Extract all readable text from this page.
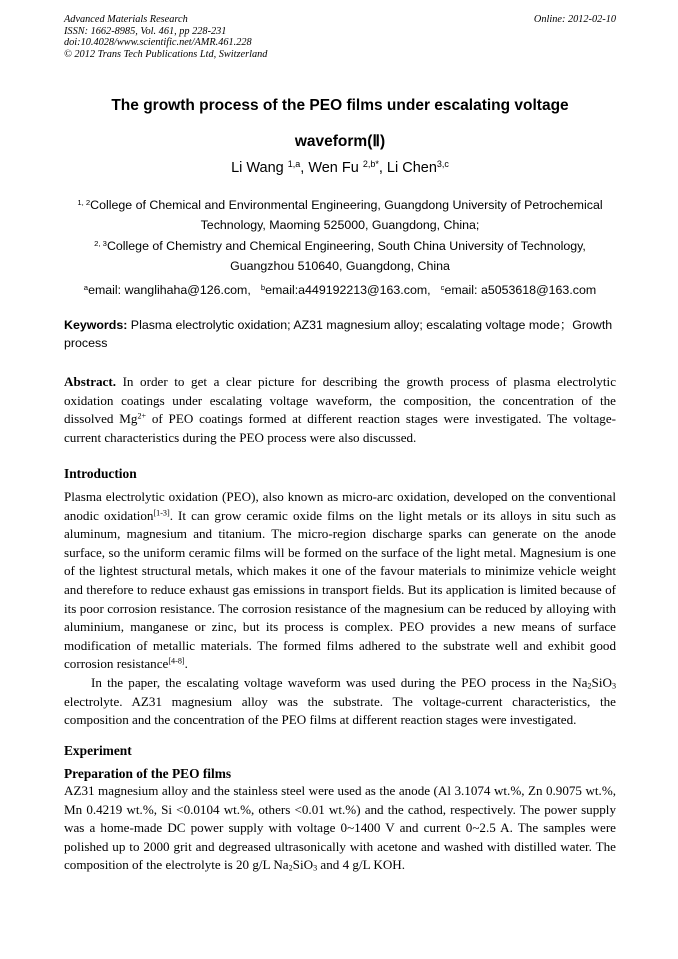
Advanced Materials Research
ISSN: 1662-8985, Vol. 461, pp 228-231
doi:10.4028/www.scientific.net/AMR.461.228
© 2012 Trans Tech Publications Ltd, Switzerland
Online: 2012-02-10
The growth process of the PEO films under escalating voltage
waveform(Ⅱ)
Li Wang $^{1,a}$, Wen Fu $^{2,b*}$, Li Chen$^{3,c}$
$^{1, 2}$College of Chemical and Environmental Engineering, Guangdong University of Petrochemical
Technology, Maoming 525000, Guangdong, China;
$^{2, 3}$College of Chemistry and Chemical Engineering, South China University of Technology,
Guangzhou 510640, Guangdong, China
$^a$email: wanglihaha@126.com, $^b$email:a449192213@163.com, $^c$email: a5053618@163.com
Keywords: Plasma electrolytic oxidation; AZ31 magnesium alloy; escalating voltage mode；Growth process
Abstract. In order to get a clear picture for describing the growth process of plasma electrolytic oxidation coatings under escalating voltage waveform, the composition, the concentration of the dissolved $Mg^{2+}$ of PEO coatings formed at different reaction stages were investigated. The voltage-current characteristics during the PEO process were also discussed.
Introduction

Plasma electrolytic oxidation (PEO), also known as micro-arc oxidation, developed on the conventional anodic oxidation[1-3]. It can grow ceramic oxide films on the light metals or its alloys in situ such as aluminum, magnesium and titanium. The micro-region discharge sparks can generate on the anode surface, so the uniform ceramic films will be formed on the surface of the light metal. Magnesium is one of the lightest structural metals, which makes it one of the favour materials to minimize vehicle weight and therefore to reduce exhaust gas emissions in transport fields. But its application is limited because of its poor corrosion resistance. The corrosion resistance of the magnesium can be reduced by alloying with aluminium, manganese or zinc, but its process is complex. PEO provides a new means of surface modification of metallic materials. The formed films adhered to the substrate well and exhibit good corrosion resistance[4-8].

In the paper, the escalating voltage waveform was used during the PEO process in the $Na_2SiO_3$ electrolyte. AZ31 magnesium alloy was the substrate. The voltage-current characteristics, the composition and the concentration of the PEO films at different reaction stages were investigated.

Experiment
Preparation of the PEO films

AZ31 magnesium alloy and the stainless steel were used as the anode (Al 3.1074 wt.%, Zn 0.9075 wt.%, Mn 0.4219 wt.%, Si <0.0104 wt.%, others <0.01 wt.%) and the cathod, respectively. The power supply was a home-made DC power supply with voltage 0~1400 V and current 0~2.5 A. The samples were polished up to 2000 grit and degreased ultrasonically with acetone and washed with distilled water. The composition of the electrolyte is 20 g/L $Na_2SiO_3$ and 4 g/L KOH.
